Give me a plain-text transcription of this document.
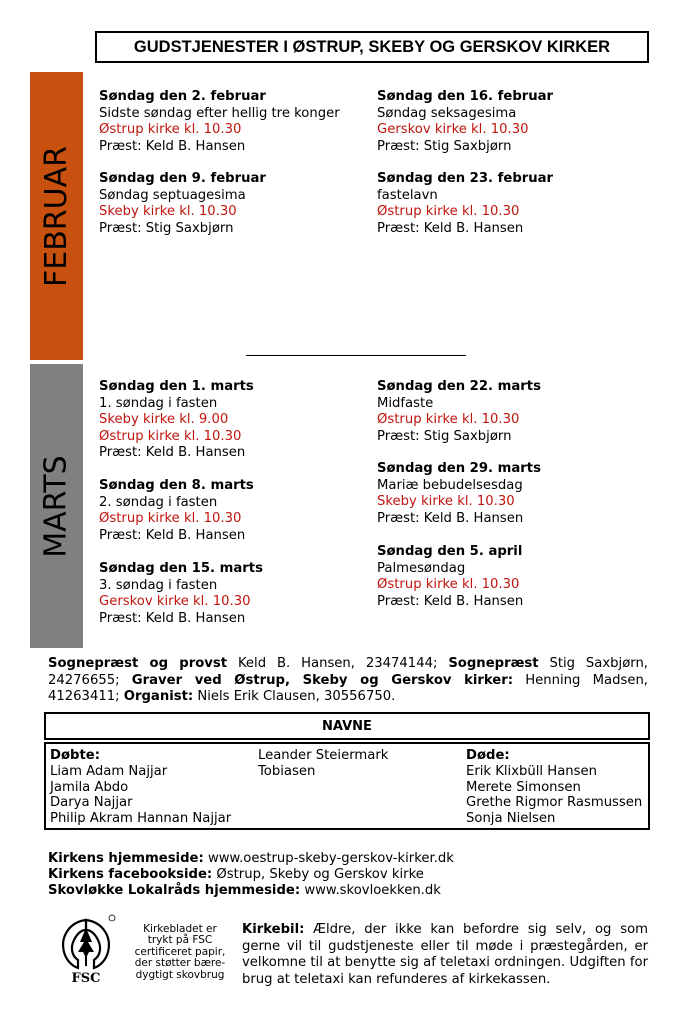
GUDSTJENESTER I ØSTRUP, SKEBY OG GERSKOV KIRKER
FEBRUAR
MARTS
Søndag den 2. februar
Sidste søndag efter hellig tre konger
Østrup kirke kl. 10.30
Præst: Keld B. Hansen
Søndag den 9. februar
Søndag septuagesima
Skeby kirke kl. 10.30
Præst: Stig Saxbjørn
Søndag den 16. februar
Søndag seksagesima
Gerskov kirke kl. 10.30
Præst: Stig Saxbjørn
Søndag den 23. februar
fastelavn
Østrup kirke kl. 10.30
Præst: Keld B. Hansen
Søndag den 1. marts
1. søndag i fasten
Skeby kirke kl. 9.00
Østrup kirke kl. 10.30
Præst: Keld B. Hansen
Søndag den 8. marts
2. søndag i fasten
Østrup kirke kl. 10.30
Præst: Keld B. Hansen
Søndag den 15. marts
3. søndag i fasten
Gerskov kirke kl. 10.30
Præst: Keld B. Hansen
Søndag den 22. marts
Midfaste
Østrup kirke kl. 10.30
Præst: Stig Saxbjørn
Søndag den 29. marts
Mariæ bebudelsesdag
Skeby kirke kl. 10.30
Præst: Keld B. Hansen
Søndag den 5. april
Palmesøndag
Østrup kirke kl. 10.30
Præst: Keld B. Hansen
Sognepræst og provst Keld B. Hansen, 23474144; Sognepræst Stig Saxbjørn, 24276655; Graver ved Østrup, Skeby og Gerskov kirker: Henning Madsen, 41263411; Organist: Niels Erik Clausen, 30556750.
NAVNE
Døbte:
Liam Adam Najjar
Jamila Abdo
Darya Najjar
Philip Akram Hannan Najjar
Leander Steiermark
Tobiasen
Døde:
Erik Klixbüll Hansen
Merete Simonsen
Grethe Rigmor Rasmussen
Sonja Nielsen
Kirkens hjemmeside: www.oestrup-skeby-gerskov-kirker.dk
Kirkens facebookside: Østrup, Skeby og Gerskov kirke
Skovløkke Lokalråds hjemmeside: www.skovloekken.dk
FSC
Kirkebladet er trykt på FSC certificeret papir, der støtter bære-dygtigt skovbrug
Kirkebil: Ældre, der ikke kan befordre sig selv, og som gerne vil til gudstjeneste eller til møde i præstegården, er velkomne til at benytte sig af teletaxi ordningen. Udgiften for brug at teletaxi kan refunderes af kirkekassen.
